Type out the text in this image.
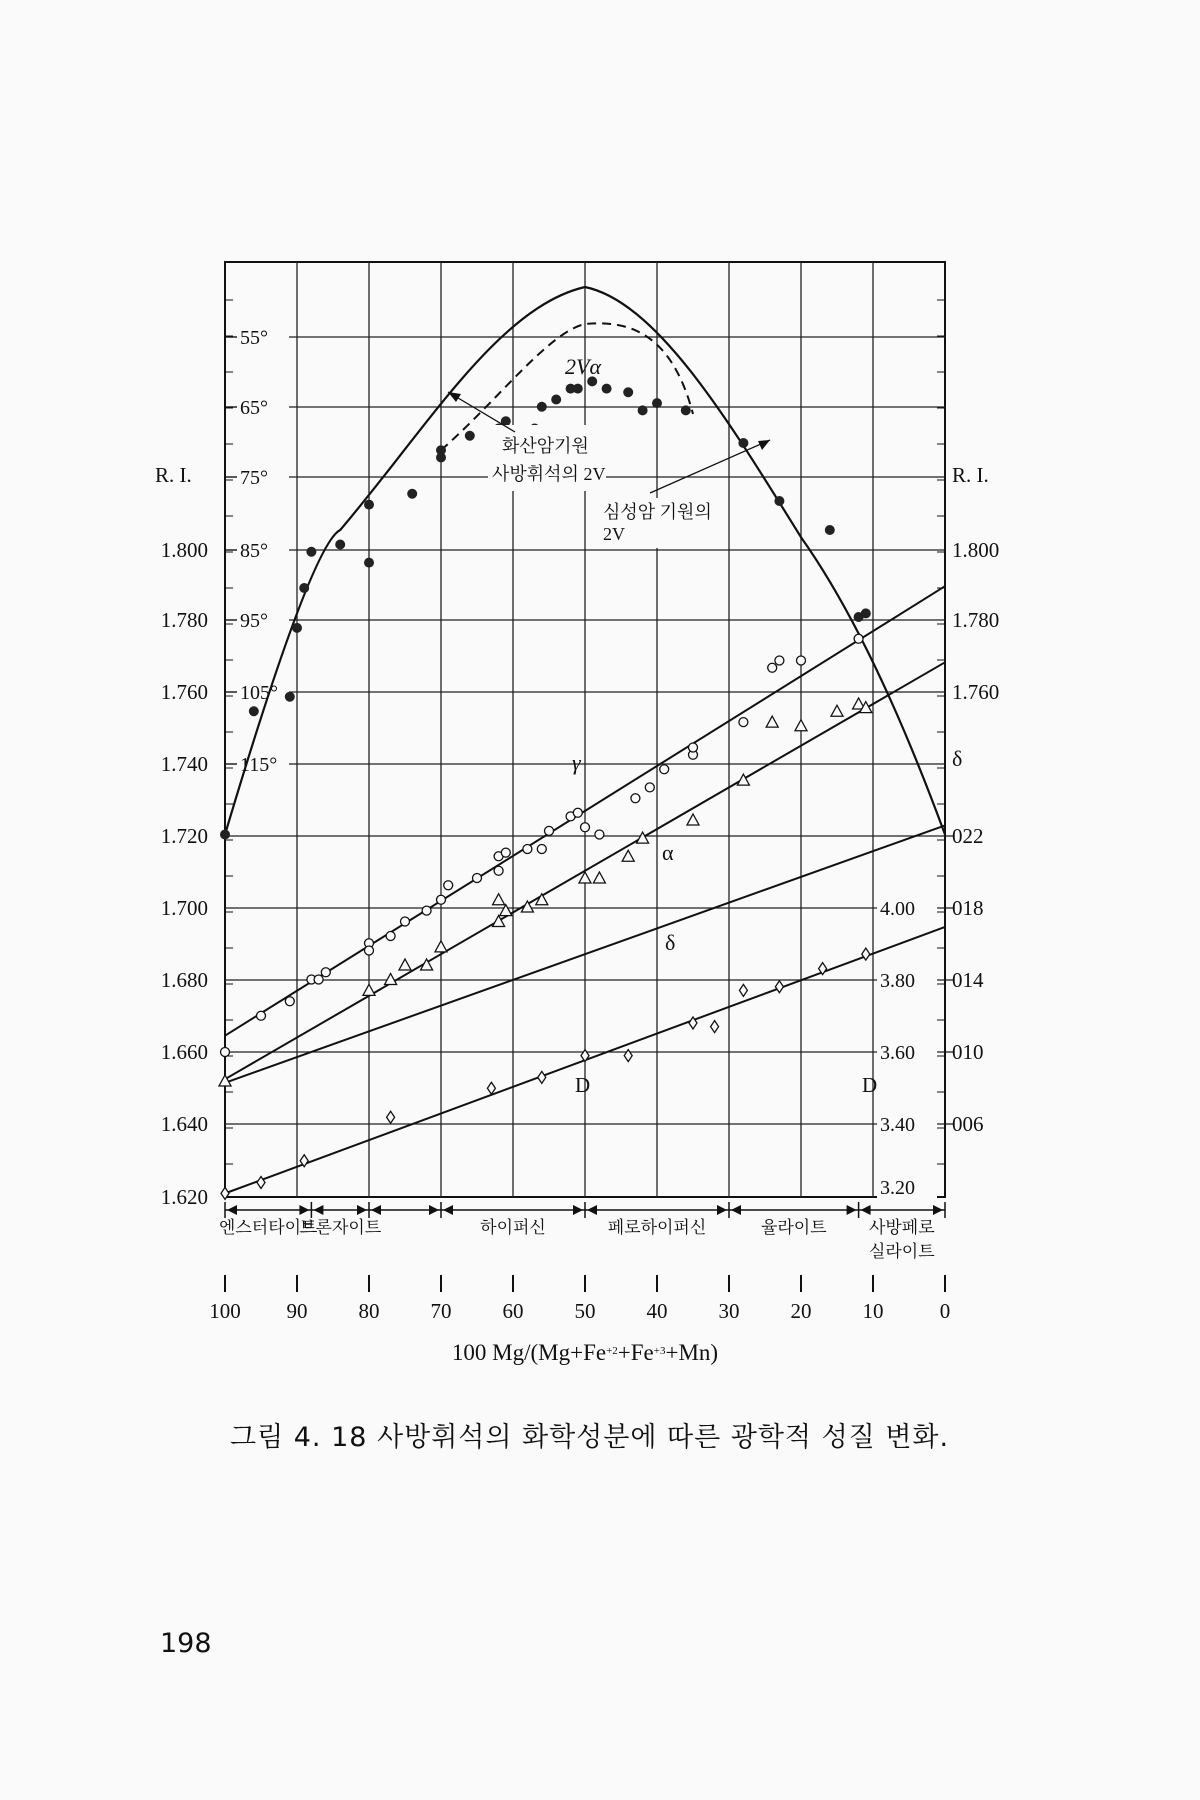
R. I.
1.620
1.640
1.660
1.680
1.700
1.720
1.740
1.760
1.780
1.800
55°
65°
75°
85°
95°
105°
115°
R. I.
1.800
1.780
1.760
δ
022
018
014
010
006
4.00
3.80
3.60
3.40
3.20
2Vα
화산암기원
사방휘석의 2V
심성암 기원의
2V
γ
α
δ
D	D
엔스터타이트
브론자이트	하이퍼신	페로하이퍼신	율라이트 사방페로
실라이트
100 90 80 70 60 50 40 30 20 10	0
100 $Mg/(Mg+Fe^{+2}+Fe^{+3}+Mn)$
그림 4. 18 사방휘석의 화학성분에 따른 광학적 성질 변화.
198
